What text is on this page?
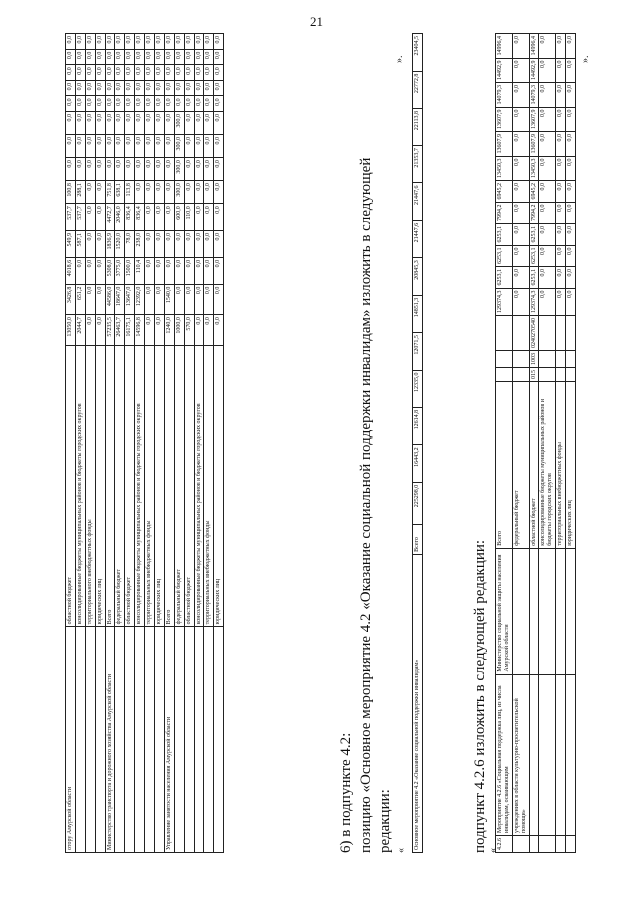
21
отору Амурской области	областной бюджет	13050,0	3426,8	4018,6	549,9	537,7	100,8	0,0	0,0	0,0	0,0	0,0	0,0	0,0	0,0
	консолидированные бюджеты муниципальных районов и бюджеты городских округов	2044,7	651,2	0,0	587,1	537,7	288,1	0,0	0,0	0,0	0,0	0,0	0,0	0,0	0,0
	территориального внебюджетных фонды	0,0	0,0	0,0	0,0	0,0	0,0	0,0	0,0	0,0	0,0	0,0	0,0	0,0	0,0
	юридических лиц	0,0	0,0	0,0	0,0	0,0	0,0	0,0	0,0	0,0	0,0	0,0	0,0	0,0	0,0
Министерство транспорта и дорожного хозяйства Амурской области	Всего	57235,5	44586,0	5308,0	1836,9	4472,7	751,8	0,0	0,0	0,0	0,0	0,0	0,0	0,0	0,0
	федеральный бюджет	26463,7	18647,0	3775,0	1520,0	2046,0	638,1	0,0	0,0	0,0	0,0	0,0	0,0	0,0	0,0
	областной бюджет	16175,1	13647,0	1500,0	78,0	836,4	113,8	0,0	0,0	0,0	0,0	0,0	0,0	0,0	0,0
	консолидированные бюджеты муниципальных районов и бюджеты городских округов	14596,8	12392,0	110,4	238,0	836,4	0,0	0,0	0,0	0,0	0,0	0,0	0,0	0,0	0,0
	территориальных внебюджетных фонды	0,0	0,0	0,0	0,0	0,0	0,0	0,0	0,0	0,0	0,0	0,0	0,0	0,0	0,0
	юридических лиц	0,0	0,0	0,0	0,0	0,0	0,0	0,0	0,0	0,0	0,0	0,0	0,0	0,0	0,0
Управление занятости населения Амурской области	Всего	1240,0	1540,0	0,0	0,0	0,0	0,0	0,0	0,0	0,0	0,0	0,0	0,0	0,0	0,0
	федеральный бюджет	1000,0	0,0	0,0	0,0	600,0	300,0	300,0	300,0	300,0	0,0	0,0	0,0	0,0	0,0
	областной бюджет	570,0	0,0	0,0	0,0	110,0	0,0	0,0	0,0	0,0	0,0	0,0	0,0	0,0	0,0
	консолидированные бюджеты муниципальных районов и бюджеты городских округов	0,0	0,0	0,0	0,0	0,0	0,0	0,0	0,0	0,0	0,0	0,0	0,0	0,0	0,0
	территориальных внебюджетных фонды	0,0	0,0	0,0	0,0	0,0	0,0	0,0	0,0	0,0	0,0	0,0	0,0	0,0	0,0
	юридических лиц	0,0	0,0	0,0	0,0	0,0	0,0	0,0	0,0	0,0	0,0	0,0	0,0	0,0	0,0
6) в подпункте 4.2: позицию «Основное мероприятие 4.2 «Оказание социальной поддержки инвалидам» изложить в следующей редакции: «
».
Основное мероприятие 4.2 «Оказание социальной поддержки инвалидам»	Всего	225298,0	16443,2	12614,8	12335,0	12071,5	14851,3	20845,3	21447,6	21447,6	21353,7	22113,8	22772,8	23404,5
подпункт 4.2.6 изложить в следующей редакции: «
4.2.6	Мероприятие 4.2.6 «Социальная поддержка лиц, из числа инвалидам, осваивающим	Министерство социальной защиты населения Амурской области	Всего				129374,3	6253,1	6253,1	6253,1	7994,2	6945,2	13450,3	13607,9	13607,9	14079,3	14492,9	14996,4
	учреждениях в области культурно-просветительской помощи»		федеральный бюджет				0,0	0,0	0,0	0,0	0,0	0,0	0,0	0,0	0,0	0,0	0,0	0,0
			областной бюджет	015	1003	0240270540	129374,3	6253,1	6253,1	6253,1	7994,2	6945,2	13450,3	13607,9	13607,9	14079,3	14492,9	14996,4
			консолидированные бюджеты муниципальных районов и бюджеты городских округов				0,0	0,0	0,0	0,0	0,0	0,0	0,0	0,0	0,0	0,0	0,0	0,0
			территориальных внебюджетных фонды				0,0	0,0	0,0	0,0	0,0	0,0	0,0	0,0	0,0	0,0	0,0	0,0
			юридических лиц				0,0	0,0	0,0	0,0	0,0	0,0	0,0	0,0	0,0	0,0	0,0	0,0
».
